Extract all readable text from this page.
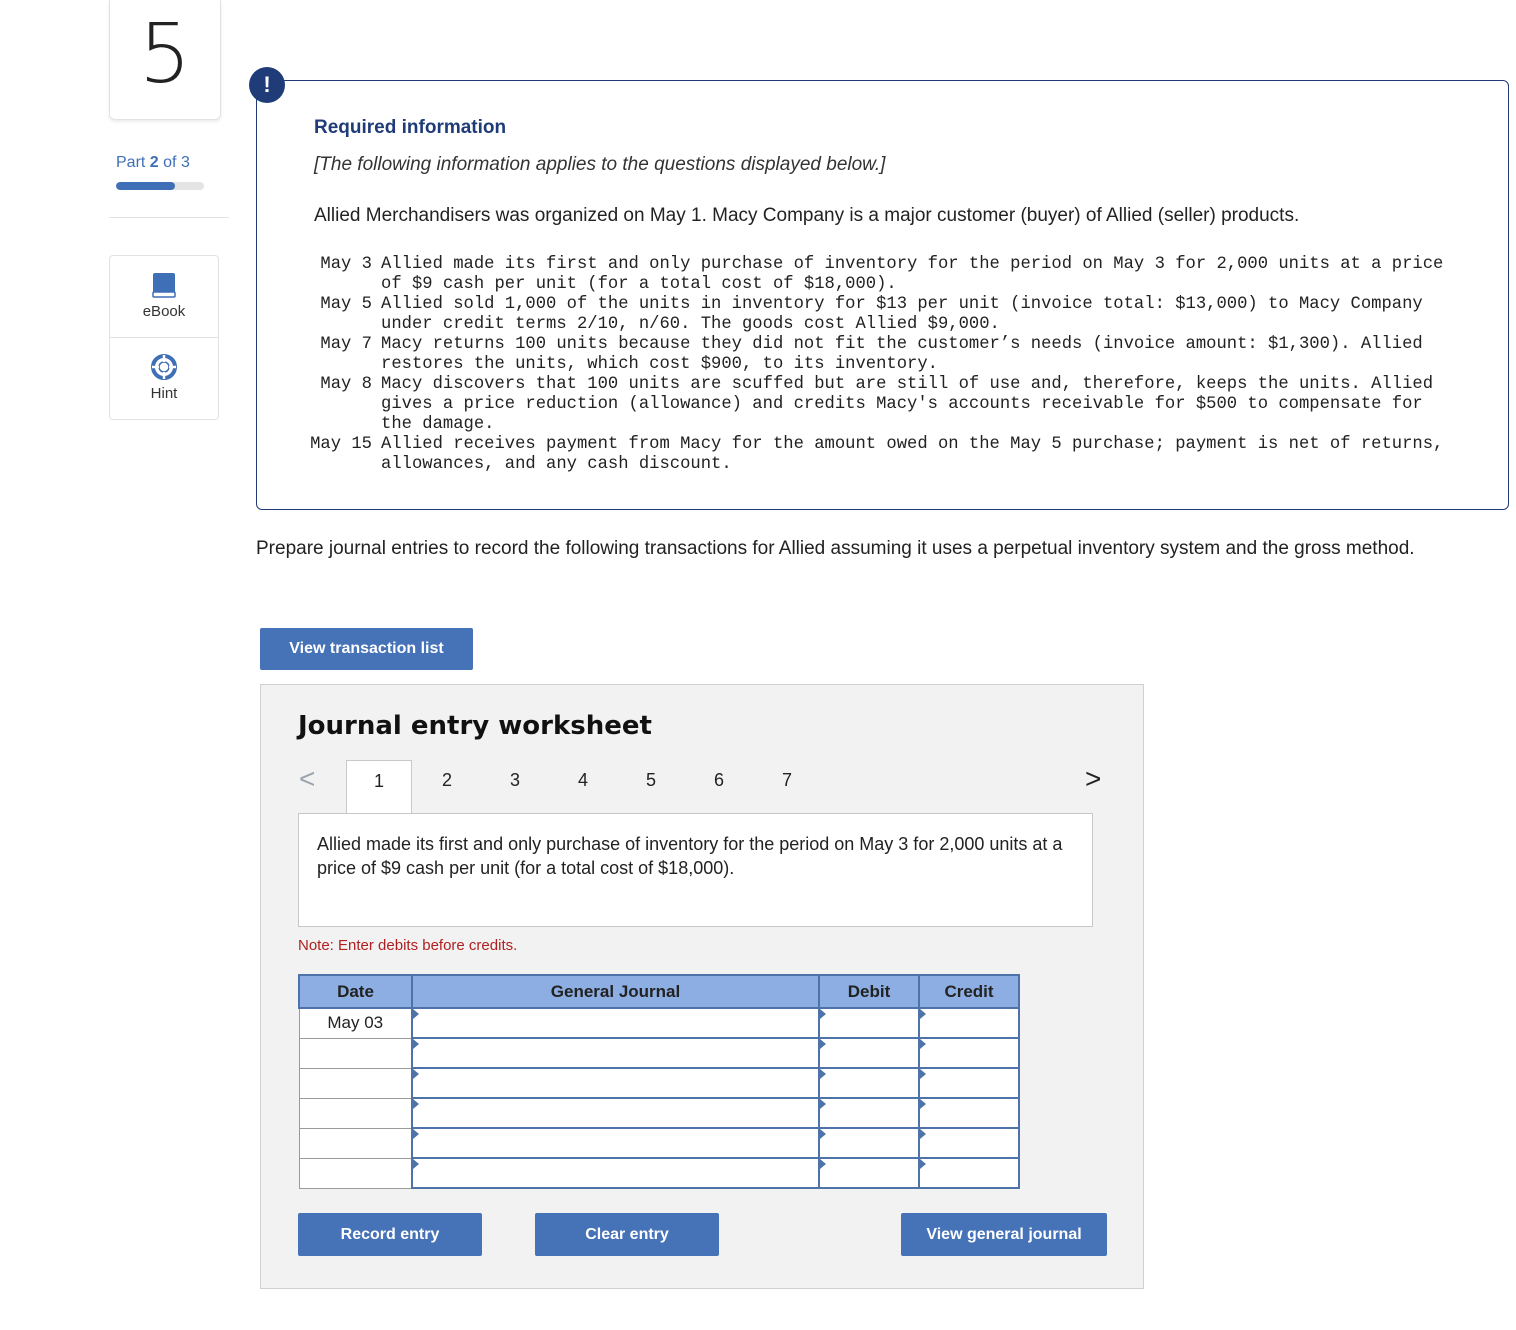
5
Part 2 of 3
eBook
Hint
Required information
[The following information applies to the questions displayed below.]
Allied Merchandisers was organized on May 1. Macy Company is a major customer (buyer) of Allied (seller) products.
May 3 Allied made its first and only purchase of inventory for the period on May 3 for 2,000 units at a price of $9 cash per unit (for a total cost of $18,000).
May 5 Allied sold 1,000 of the units in inventory for $13 per unit (invoice total: $13,000) to Macy Company under credit terms 2/10, n/60. The goods cost Allied $9,000.
May 7 Macy returns 100 units because they did not fit the customer’s needs (invoice amount: $1,300). Allied restores the units, which cost $900, to its inventory.
May 8 Macy discovers that 100 units are scuffed but are still of use and, therefore, keeps the units. Allied gives a price reduction (allowance) and credits Macy's accounts receivable for $500 to compensate for the damage.
May 15 Allied receives payment from Macy for the amount owed on the May 5 purchase; payment is net of returns, allowances, and any cash discount.
!
Prepare journal entries to record the following transactions for Allied assuming it uses a perpetual inventory system and the gross method.
View transaction list
Journal entry worksheet
<	1	2	3	4	5	6	7	>
Allied made its first and only purchase of inventory for the period on May 3 for 2,000 units at a price of $9 cash per unit (for a total cost of $18,000).
Note: Enter debits before credits.
Date	General Journal	Debit	Credit
May 03			

Record entry	Clear entry	View general journal
